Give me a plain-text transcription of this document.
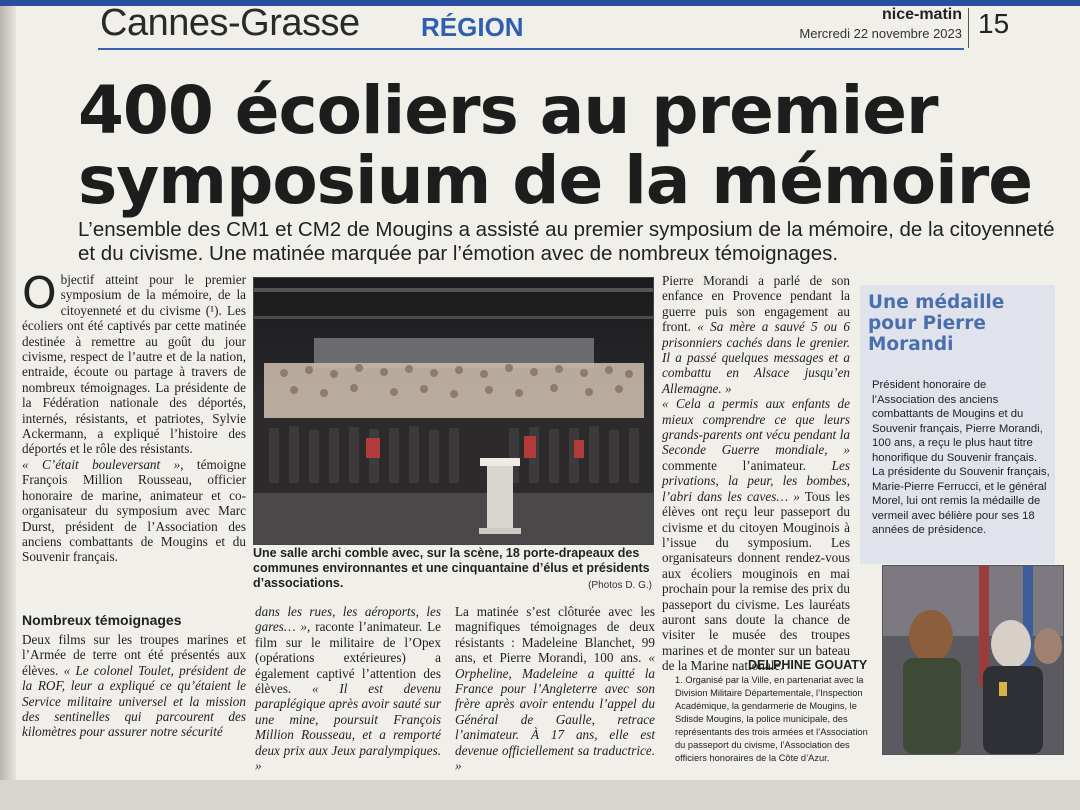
Cannes-Grasse RÉGION	nice-matin
Mercredi 22 novembre 2023 15
400 écoliers au premier
symposium de la mémoire
L’ensemble des CM1 et CM2 de Mougins a assisté au premier symposium de la mémoire, de la citoyenneté et du civisme. Une matinée marquée par l’émotion avec de nombreux témoignages.

Objectif atteint pour le premier symposium de la mémoire, de la citoyenneté et du civisme (¹). Les écoliers ont été captivés par cette matinée destinée à remettre au goût du jour civisme, respect de l’autre et de la nation, entraide, écoute ou partage à travers de nombreux témoignages. La présidente de la Fédération nationale des déportés, internés, résistants, et patriotes, Sylvie Ackermann, a expliqué l’histoire des déportés et le rôle des résistants.

« C’était bouleversant », témoigne François Million Rousseau, officier honoraire de marine, animateur et co-organisateur du symposium avec Marc Durst, président de l’Association des anciens combattants de Mougins et du Souvenir français.

Nombreux témoignages

Deux films sur les troupes marines et l’Armée de terre ont été présentés aux élèves. « Le colonel Toulet, président de la ROF, leur a expliqué ce qu’étaient le Service militaire universel et la mission des sentinelles qui parcourent des kilomètres pour assurer notre sécurité

Une salle archi comble avec, sur la scène, 18 porte-drapeaux des communes environnantes et une cinquantaine d’élus et présidents d’associations.	(Photos D. G.)

dans les rues, les aéroports, les gares… », raconte l’animateur. Le film sur le militaire de l’Opex (opérations extérieures) a également captivé l’attention des élèves. « Il est devenu paraplégique après avoir sauté sur une mine, poursuit François Million Rousseau, et a remporté deux prix aux Jeux paralympiques. »

La matinée s’est clôturée avec les magnifiques témoignages de deux résistants : Madeleine Blanchet, 99 ans, et Pierre Morandi, 100 ans. « Orpheline, Madeleine a quitté la France pour l’Angleterre avec son frère après avoir entendu l’appel du Général de Gaulle, retrace l’animateur. À 17 ans, elle est devenue officiellement sa traductrice. »

Pierre Morandi a parlé de son enfance en Provence pendant la guerre puis son engagement au front. « Sa mère a sauvé 5 ou 6 prisonniers cachés dans le grenier. Il a passé quelques messages et a combattu en Alsace jusqu’en Allemagne. »

« Cela a permis aux enfants de mieux comprendre ce que leurs grands-parents ont vécu pendant la Seconde Guerre mondiale, » commente l’animateur. Les privations, la peur, les bombes, l’abri dans les caves… » Tous les élèves ont reçu leur passeport du civisme et du citoyen Mouginois à l’issue du symposium. Les organisateurs donnent rendez-vous aux écoliers mouginois en mai prochain pour la remise des prix du passeport du civisme. Les lauréats auront sans doute la chance de visiter le musée des troupes marines et de monter sur un bateau de la Marine nationale.

DELPHINE GOUATY
1. Organisé par la Ville, en partenariat avec la Division Militaire Départementale, l’Inspection Académique, la gendarmerie de Mougins, le Sdisde Mougins, la police municipale, des représentants des trois armées et l’Association du passeport du civisme, l’Association des officiers honoraires de la Côte d’Azur.
Une médaille pour Pierre Morandi
Président honoraire de l’Association des anciens combattants de Mougins et du Souvenir français, Pierre Morandi, 100 ans, a reçu le plus haut titre honorifique du Souvenir français. La présidente du Souvenir français, Marie-Pierre Ferrucci, et le général Morel, lui ont remis la médaille de vermeil avec bélière pour ses 18 années de présidence.
